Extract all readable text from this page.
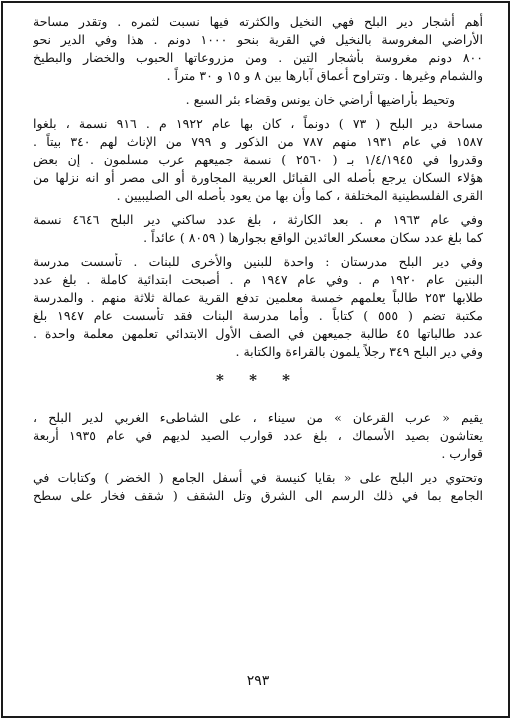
أهم أشجار دير البلح فهي النخيل والكثرته فيها نسبت لثمره . وتقدر مساحة

الأراضي المغروسة بالنخيل في القرية بنحو ١٠٠٠ دونم . هذا وفي الدير نحو

٨٠٠ دونم مغروسة بأشجار التين . ومن مزروعاتها الحبوب والخضار والبطيخ

والشمام وغيرها . وتتراوح أعماق آبارها بين ٨ و ١٥ و ٣٠ متراً .

وتحيط بأراضيها أراضي خان يونس وقضاء بئر السبع .

مساحة دير البلح ( ٧٣ ) دونماً ، كان بها عام ١٩٢٢ م . ٩١٦ نسمة ، بلغوا

١٥٨٧ في عام ١٩٣١ منهم ٧٨٧ من الذكور و ٧٩٩ من الإناث لهم ٣٤٠ بيتاً .

وقدروا في ١/٤/١٩٤٥ بـ ( ٢٥٦٠ ) نسمة جميعهم عرب مسلمون . إن بعض

هؤلاء السكان يرجع بأصله الى القبائل العربية المجاورة أو الى مصر أو انه نزلها من

القرى الفلسطينية المختلفة ، كما وأن بها من يعود بأصله الى الصليبيين .

وفي عام ١٩٦٣ م . بعد الكارثة ، بلغ عدد ساكني دير البلح ٤٦٤٦ نسمة

كما بلغ عدد سكان معسكر العائدين الواقع بجوارها ( ٨٠٥٩ ) عائداً .

وفي دير البلح مدرستان : واحدة للبنين والأخرى للبنات . تأسست مدرسة

البنين عام ١٩٢٠ م . وفي عام ١٩٤٧ م . أصبحت ابتدائية كاملة . بلغ عدد

طلابها ٢٥٣ طالباً يعلمهم خمسة معلمين تدفع القرية عمالة ثلاثة منهم . والمدرسة

مكتبة تضم ( ٥٥٥ ) كتاباً . وأما مدرسة البنات فقد تأسست عام ١٩٤٧ بلغ

عدد طالباتها ٤٥ طالبة جميعهن في الصف الأول الابتدائي تعلمهن معلمة واحدة .

وفي دير البلح ٣٤٩ رجلاً يلمون بالقراءة والكتابة .

* * *

يقيم « عرب القرعان » من سيناء ، على الشاطىء الغربي لدير البلح ،

يعتاشون بصيد الأسماك ، بلغ عدد قوارب الصيد لديهم في عام ١٩٣٥ أربعة

قوارب .

وتحتوي دير البلح على « بقايا كنيسة في أسفل الجامع ( الخضر ) وكتابات في

الجامع بما في ذلك الرسم الى الشرق وتل الشقف ( شقف فخار على سطح

٢٩٣
